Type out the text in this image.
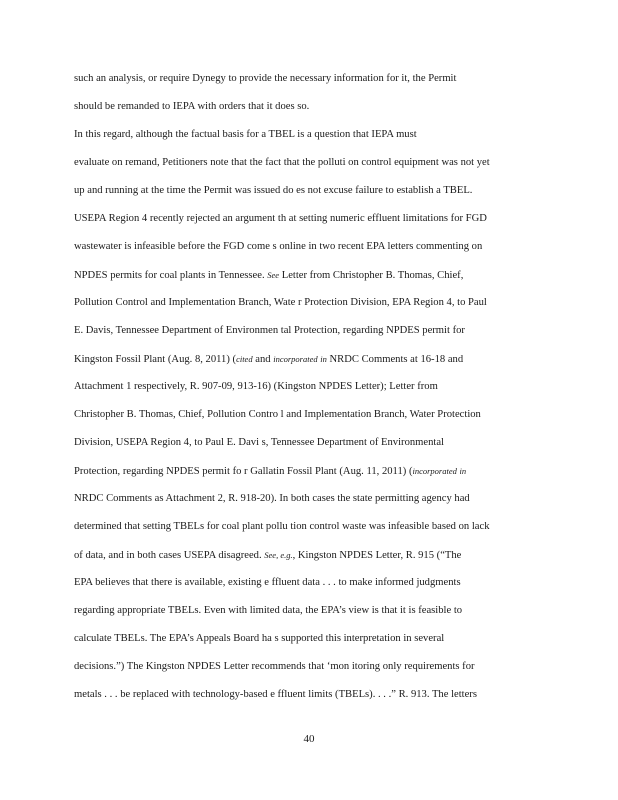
such an analysis, or require Dynegy to provide the necessary information for it, the Permit
should be remanded to IEPA with orders that it does so.
In this regard, although the factual basis for a TBEL is a question that IEPA must
evaluate on remand, Petitioners note that the fact that the polluti on control equipment was not yet
up and running at the time the Permit was issued do es not excuse failure to establish a TBEL.
USEPA Region 4 recently rejected an argument th at setting numeric effluent limitations for FGD
wastewater is infeasible before the FGD come s online in two recent EPA letters commenting on
NPDES permits for coal plants in Tennessee. See Letter from Christopher B. Thomas, Chief,
Pollution Control and Implementation Branch, Wate r Protection Division, EPA Region 4, to Paul
E. Davis, Tennessee Department of Environmen tal Protection, regarding NPDES permit for
Kingston Fossil Plant (Aug. 8, 2011) (cited and incorporated in NRDC Comments at 16-18 and
Attachment 1 respectively, R. 907-09, 913-16) (Kingston NPDES Letter); Letter from
Christopher B. Thomas, Chief, Pollution Contro l and Implementation Branch, Water Protection
Division, USEPA Region 4, to Paul E. Davi s, Tennessee Department of Environmental
Protection, regarding NPDES permit fo r Gallatin Fossil Plant (Aug. 11, 2011) (incorporated in
NRDC Comments as Attachment 2, R. 918-20). In both cases the state permitting agency had
determined that setting TBELs for coal plant pollu tion control waste was infeasible based on lack
of data, and in both cases USEPA disagreed. See, e.g., Kingston NPDES Letter, R. 915 (“The
EPA believes that there is available, existing e ffluent data . . . to make informed judgments
regarding appropriate TBELs. Even with limited data, the EPA’s view is that it is feasible to
calculate TBELs. The EPA’s Appeals Board ha s supported this interpretation in several
decisions.”) The Kingston NPDES Letter recommends that ‘mon itoring only requirements for
metals . . . be replaced with technology-based e ffluent limits (TBELs). . . .” R. 913. The letters
40
